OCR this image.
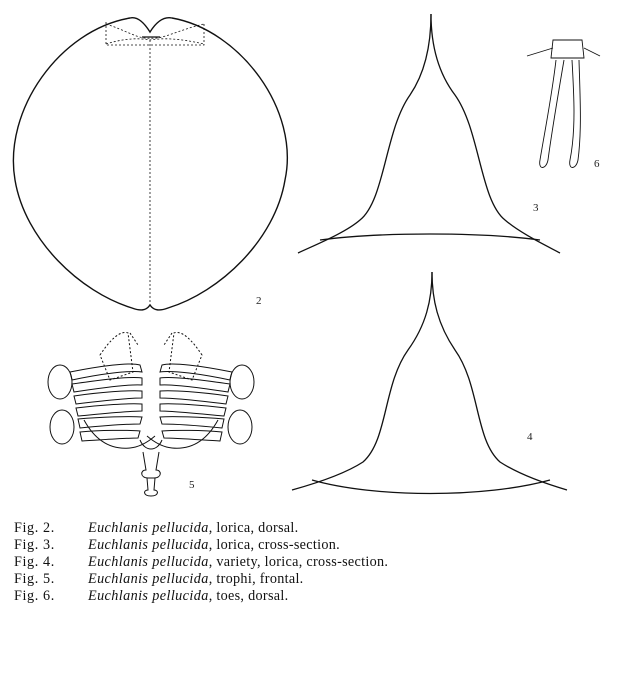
2
3
4
5
6
Fig. 2. Euchlanis pellucida, lorica, dorsal.
Fig. 3. Euchlanis pellucida, lorica, cross-section.
Fig. 4. Euchlanis pellucida, variety, lorica, cross-section.
Fig. 5. Euchlanis pellucida, trophi, frontal.
Fig. 6. Euchlanis pellucida, toes, dorsal.
